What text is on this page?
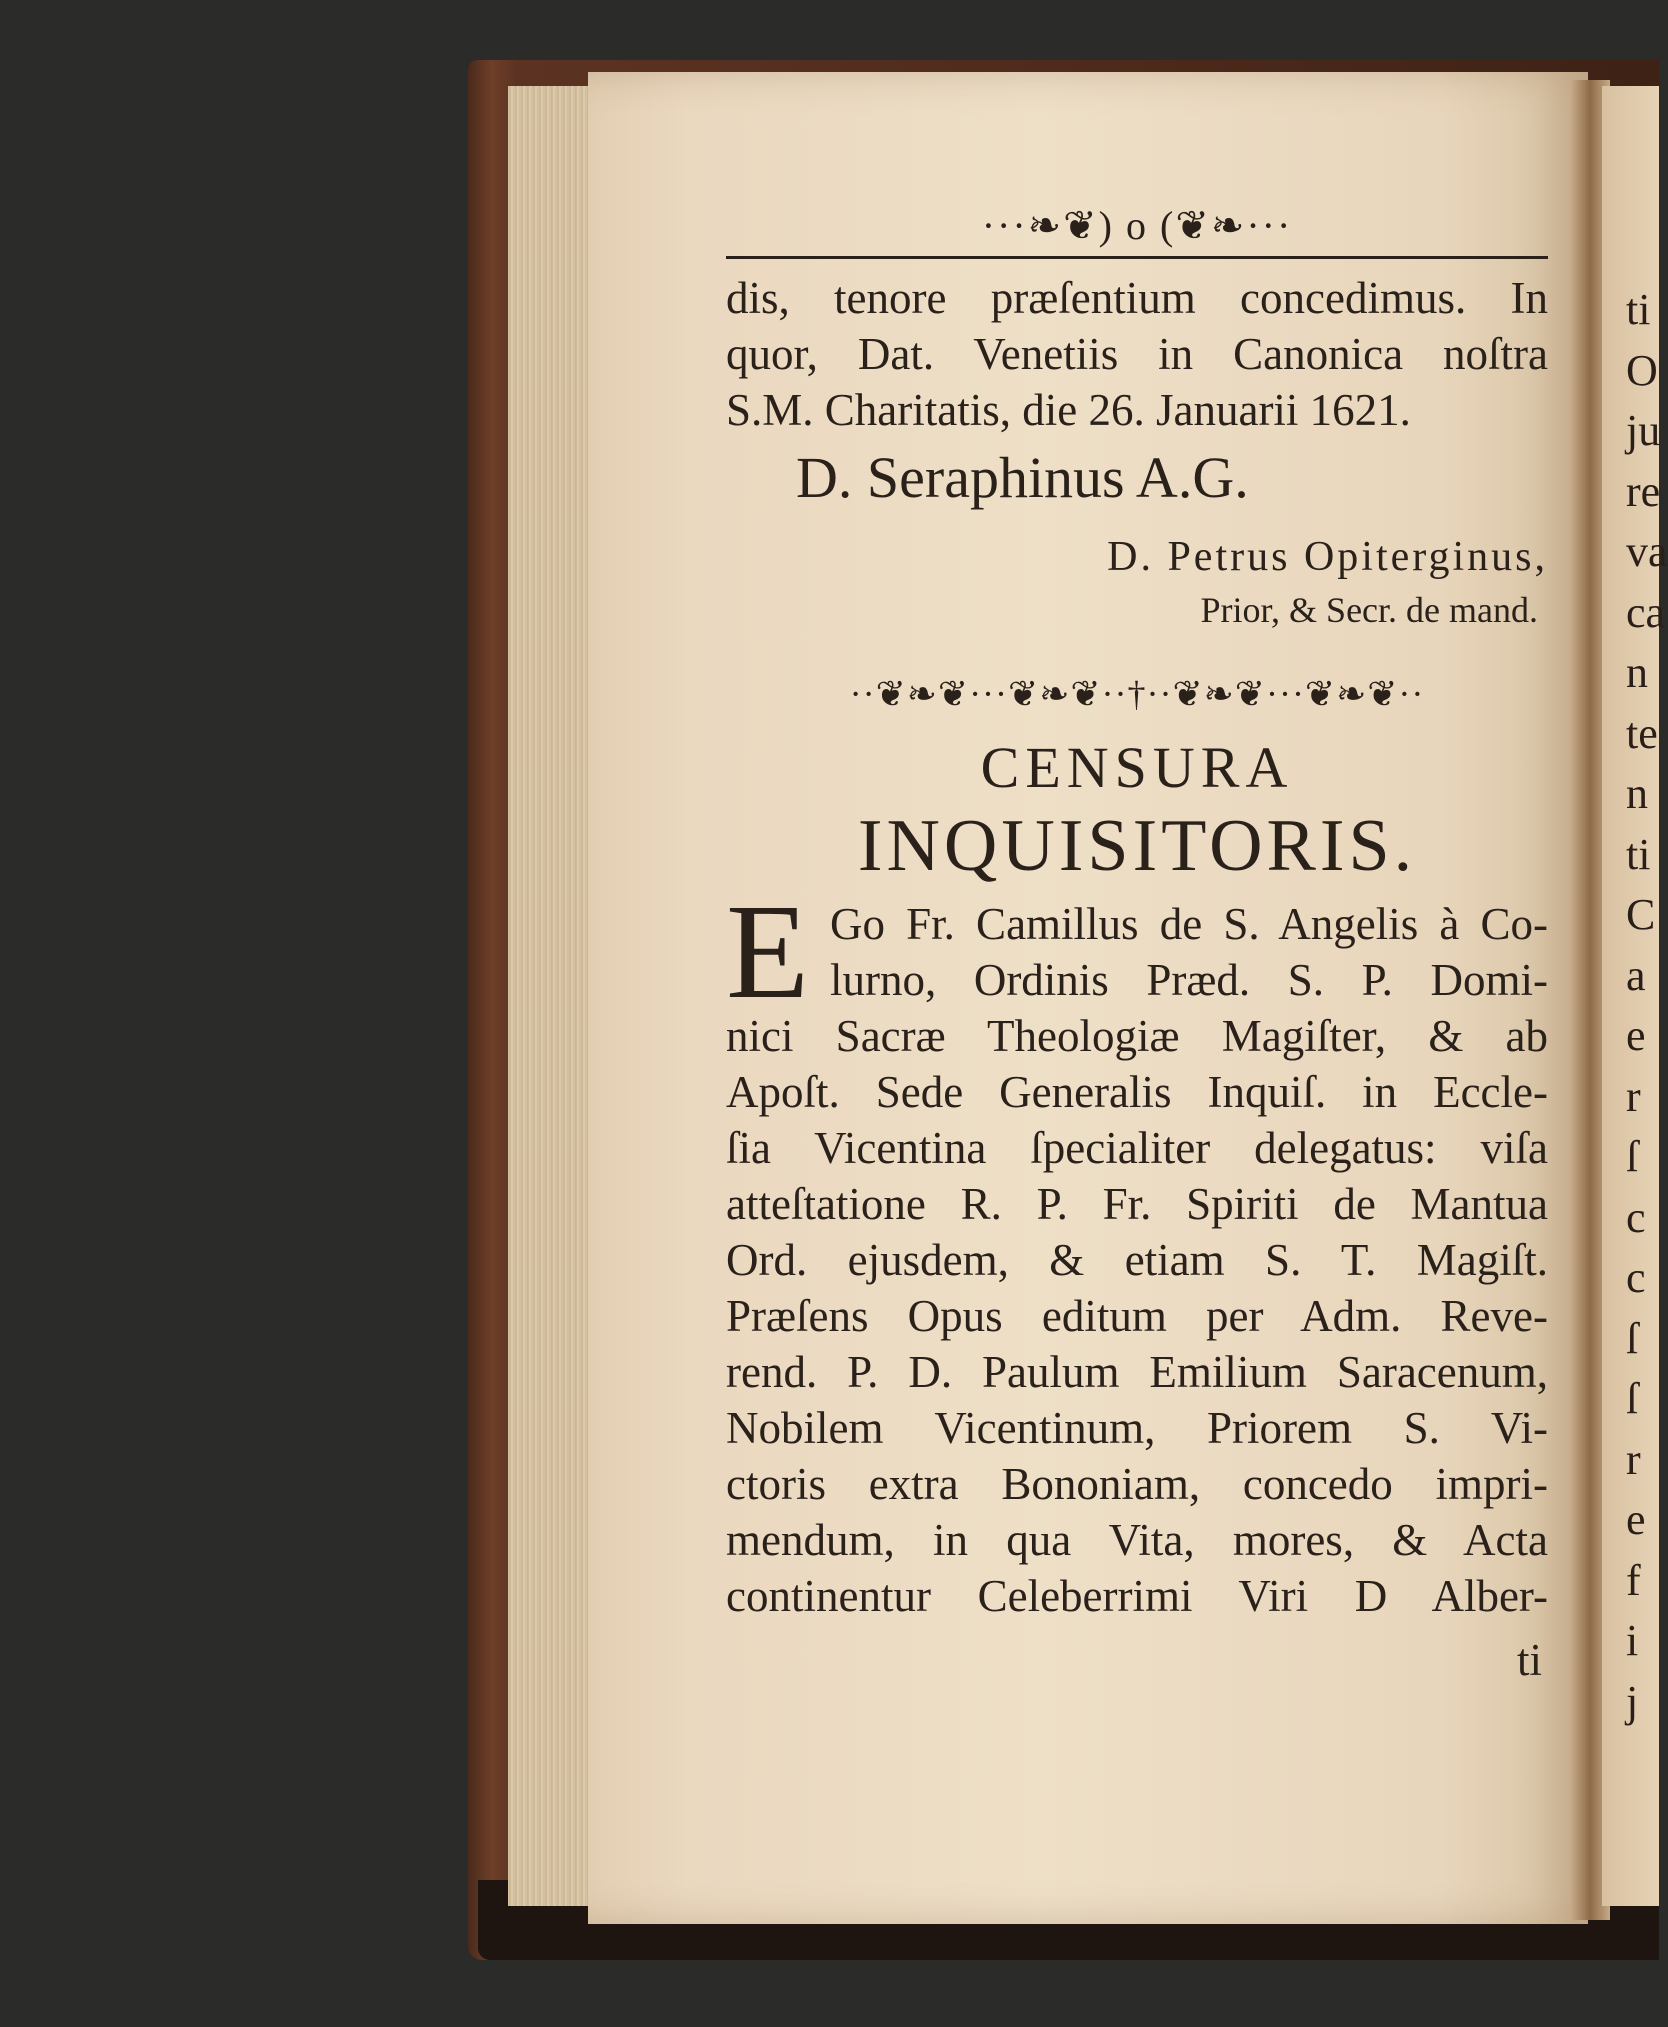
ti
O
ju
re
va
ca
n
te
n
ti
C
a
e
r
ſ
c
c
ſ
ſ
r
e
f
i
j
···❧❦) o (❦❧···
dis, tenore præſentium concedimus. In
quor, Dat. Venetiis in Canonica noſtra
S.M. Charitatis, die 26. Januarii 1621.
D. Seraphinus A.G.
D. Petrus Opiterginus,
Prior, & Secr. de mand.
··❦❧❦···❦❧❦··†··❦❧❦···❦❧❦··
CENSURA
INQUISITORIS.
E Go Fr. Camillus de S. Angelis à Co-
lurno, Ordinis Præd. S. P. Domi-
nici Sacræ Theologiæ Magiſter, & ab
Apoſt. Sede Generalis Inquiſ. in Eccle-
ſia Vicentina ſpecialiter delegatus: viſa
atteſtatione R. P. Fr. Spiriti de Mantua
Ord. ejusdem, & etiam S. T. Magiſt.
Præſens Opus editum per Adm. Reve-
rend. P. D. Paulum Emilium Saracenum,
Nobilem Vicentinum, Priorem S. Vi-
ctoris extra Bononiam, concedo impri-
mendum, in qua Vita, mores, & Acta
continentur Celeberrimi Viri D Alber-
ti
